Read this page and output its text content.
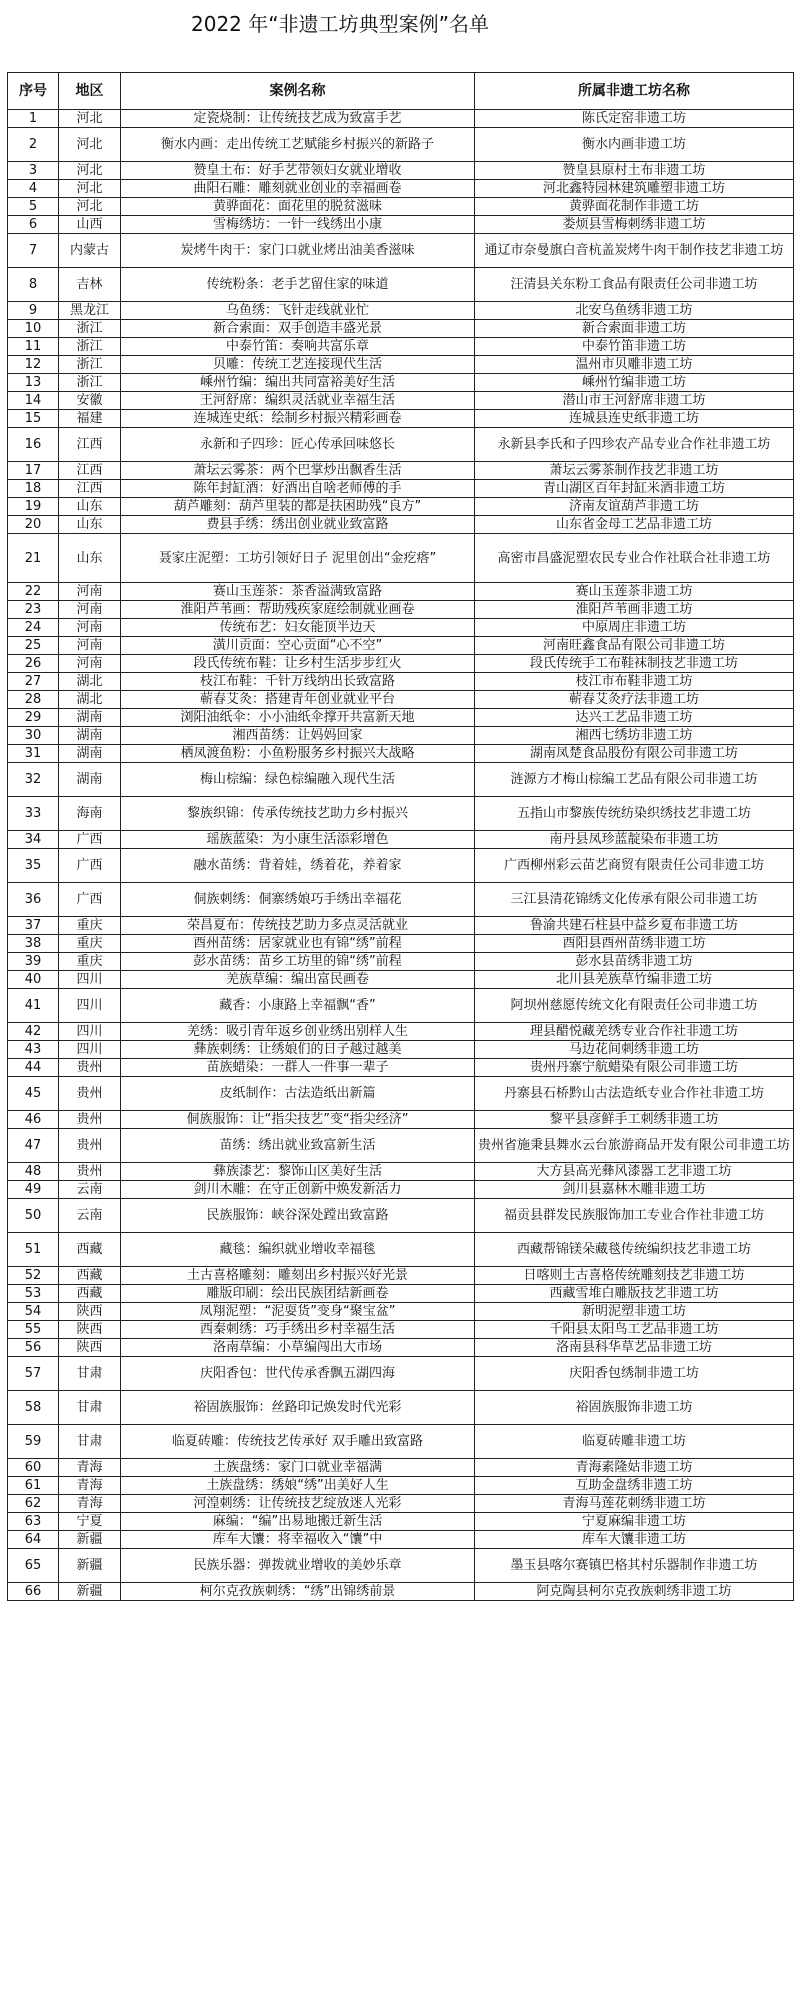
2022 年“非遗工坊典型案例”名单
序号	地区	案例名称	所属非遗工坊名称
1	河北	定瓷烧制：让传统技艺成为致富手艺	陈氏定窑非遗工坊
2	河北	衡水内画：走出传统工艺赋能乡村振兴的新路子	衡水内画非遗工坊
3	河北	赞皇土布：好手艺带领妇女就业增收	赞皇县原村土布非遗工坊
4	河北	曲阳石雕：雕刻就业创业的幸福画卷	河北鑫特园林建筑雕塑非遗工坊
5	河北	黄骅面花：面花里的脱贫滋味	黄骅面花制作非遗工坊
6	山西	雪梅绣坊：一针一线绣出小康	娄烦县雪梅刺绣非遗工坊
7	内蒙古	炭烤牛肉干：家门口就业烤出油美香滋味	通辽市奈曼旗白音杭盖炭烤牛肉干制作技艺非遗工坊
8	吉林	传统粉条：老手艺留住家的味道	汪清县关东粉工食品有限责任公司非遗工坊
9	黑龙江	乌鱼绣：飞针走线就业忙	北安乌鱼绣非遗工坊
10	浙江	新合索面：双手创造丰盛光景	新合索面非遗工坊
11	浙江	中泰竹笛：奏响共富乐章	中泰竹笛非遗工坊
12	浙江	贝雕：传统工艺连接现代生活	温州市贝雕非遗工坊
13	浙江	嵊州竹编：编出共同富裕美好生活	嵊州竹编非遗工坊
14	安徽	王河舒席：编织灵活就业幸福生活	潜山市王河舒席非遗工坊
15	福建	连城连史纸：绘制乡村振兴精彩画卷	连城县连史纸非遗工坊
16	江西	永新和子四珍：匠心传承回味悠长	永新县李氏和子四珍农产品专业合作社非遗工坊
17	江西	萧坛云雾茶：两个巴掌炒出飘香生活	萧坛云雾茶制作技艺非遗工坊
18	江西	陈年封缸酒：好酒出自啥老师傅的手	青山湖区百年封缸米酒非遗工坊
19	山东	葫芦雕刻：葫芦里装的都是扶困助残“良方”	济南友谊葫芦非遗工坊
20	山东	费县手绣：绣出创业就业致富路	山东省金母工艺品非遗工坊
21	山东	聂家庄泥塑：工坊引领好日子 泥里创出“金疙瘩”	高密市昌盛泥塑农民专业合作社联合社非遗工坊
22	河南	赛山玉莲茶：茶香溢满致富路	赛山玉莲茶非遗工坊
23	河南	淮阳芦苇画：帮助残疾家庭绘制就业画卷	淮阳芦苇画非遗工坊
24	河南	传统布艺：妇女能顶半边天	中原周庄非遗工坊
25	河南	潢川贡面：空心贡面“心不空”	河南旺鑫食品有限公司非遗工坊
26	河南	段氏传统布鞋：让乡村生活步步红火	段氏传统手工布鞋袜制技艺非遗工坊
27	湖北	枝江布鞋：千针万线纳出长致富路	枝江市布鞋非遗工坊
28	湖北	蕲春艾灸：搭建青年创业就业平台	蕲春艾灸疗法非遗工坊
29	湖南	浏阳油纸伞：小小油纸伞撑开共富新天地	达兴工艺品非遗工坊
30	湖南	湘西苗绣：让妈妈回家	湘西七绣坊非遗工坊
31	湖南	栖凤渡鱼粉：小鱼粉服务乡村振兴大战略	湖南凤楚食品股份有限公司非遗工坊
32	湖南	梅山棕编：绿色棕编融入现代生活	涟源方才梅山棕编工艺品有限公司非遗工坊
33	海南	黎族织锦：传承传统技艺助力乡村振兴	五指山市黎族传统纺染织绣技艺非遗工坊
34	广西	瑶族蓝染：为小康生活添彩增色	南丹县凤珍蓝靛染布非遗工坊
35	广西	融水苗绣：背着娃，绣着花，养着家	广西柳州彩云苗艺商贸有限责任公司非遗工坊
36	广西	侗族刺绣：侗寨绣娘巧手绣出幸福花	三江县清花锦绣文化传承有限公司非遗工坊
37	重庆	荣昌夏布：传统技艺助力多点灵活就业	鲁渝共建石柱县中益乡夏布非遗工坊
38	重庆	酉州苗绣：居家就业也有锦“绣”前程	酉阳县酉州苗绣非遗工坊
39	重庆	彭水苗绣：苗乡工坊里的锦“绣”前程	彭水县苗绣非遗工坊
40	四川	羌族草编：编出富民画卷	北川县羌族草竹编非遗工坊
41	四川	藏香：小康路上幸福飘“香”	阿坝州慈愿传统文化有限责任公司非遗工坊
42	四川	羌绣：吸引青年返乡创业绣出别样人生	理县醋悦藏羌绣专业合作社非遗工坊
43	四川	彝族刺绣：让绣娘们的日子越过越美	马边花间刺绣非遗工坊
44	贵州	苗族蜡染：一群人一件事一辈子	贵州丹寨宁航蜡染有限公司非遗工坊
45	贵州	皮纸制作：古法造纸出新篇	丹寨县石桥黔山古法造纸专业合作社非遗工坊
46	贵州	侗族服饰：让“指尖技艺”变“指尖经济”	黎平县彦鲜手工刺绣非遗工坊
47	贵州	苗绣：绣出就业致富新生活	贵州省施秉县舞水云台旅游商品开发有限公司非遗工坊
48	贵州	彝族漆艺：黎饰山区美好生活	大方县高光彝风漆器工艺非遗工坊
49	云南	剑川木雕：在守正创新中焕发新活力	剑川县嘉林木雕非遗工坊
50	云南	民族服饰：峡谷深处蹚出致富路	福贡县群发民族服饰加工专业合作社非遗工坊
51	西藏	藏毯：编织就业增收幸福毯	西藏帮锦镁朵藏毯传统编织技艺非遗工坊
52	西藏	土古喜格雕刻：雕刻出乡村振兴好光景	日喀则土古喜格传统雕刻技艺非遗工坊
53	西藏	雕版印刷：绘出民族团结新画卷	西藏雪堆白雕版技艺非遗工坊
54	陕西	凤翔泥塑：“泥耍货”变身“聚宝盆”	新明泥塑非遗工坊
55	陕西	西秦刺绣：巧手绣出乡村幸福生活	千阳县太阳鸟工艺品非遗工坊
56	陕西	洛南草编：小草编闯出大市场	洛南县科华草艺品非遗工坊
57	甘肃	庆阳香包：世代传承香飘五湖四海	庆阳香包绣制非遗工坊
58	甘肃	裕固族服饰：丝路印记焕发时代光彩	裕固族服饰非遗工坊
59	甘肃	临夏砖雕：传统技艺传承好 双手雕出致富路	临夏砖雕非遗工坊
60	青海	土族盘绣：家门口就业幸福满	青海素隆姑非遗工坊
61	青海	土族盘绣：绣娘“绣”出美好人生	互助金盘绣非遗工坊
62	青海	河湟刺绣：让传统技艺绽放迷人光彩	青海马莲花刺绣非遗工坊
63	宁夏	麻编：“编”出易地搬迁新生活	宁夏麻编非遗工坊
64	新疆	库车大馕：将幸福收入“馕”中	库车大馕非遗工坊
65	新疆	民族乐器：弹拨就业增收的美妙乐章	墨玉县喀尔赛镇巴格其村乐器制作非遗工坊
66	新疆	柯尔克孜族刺绣：“绣”出锦绣前景	阿克陶县柯尔克孜族刺绣非遗工坊
